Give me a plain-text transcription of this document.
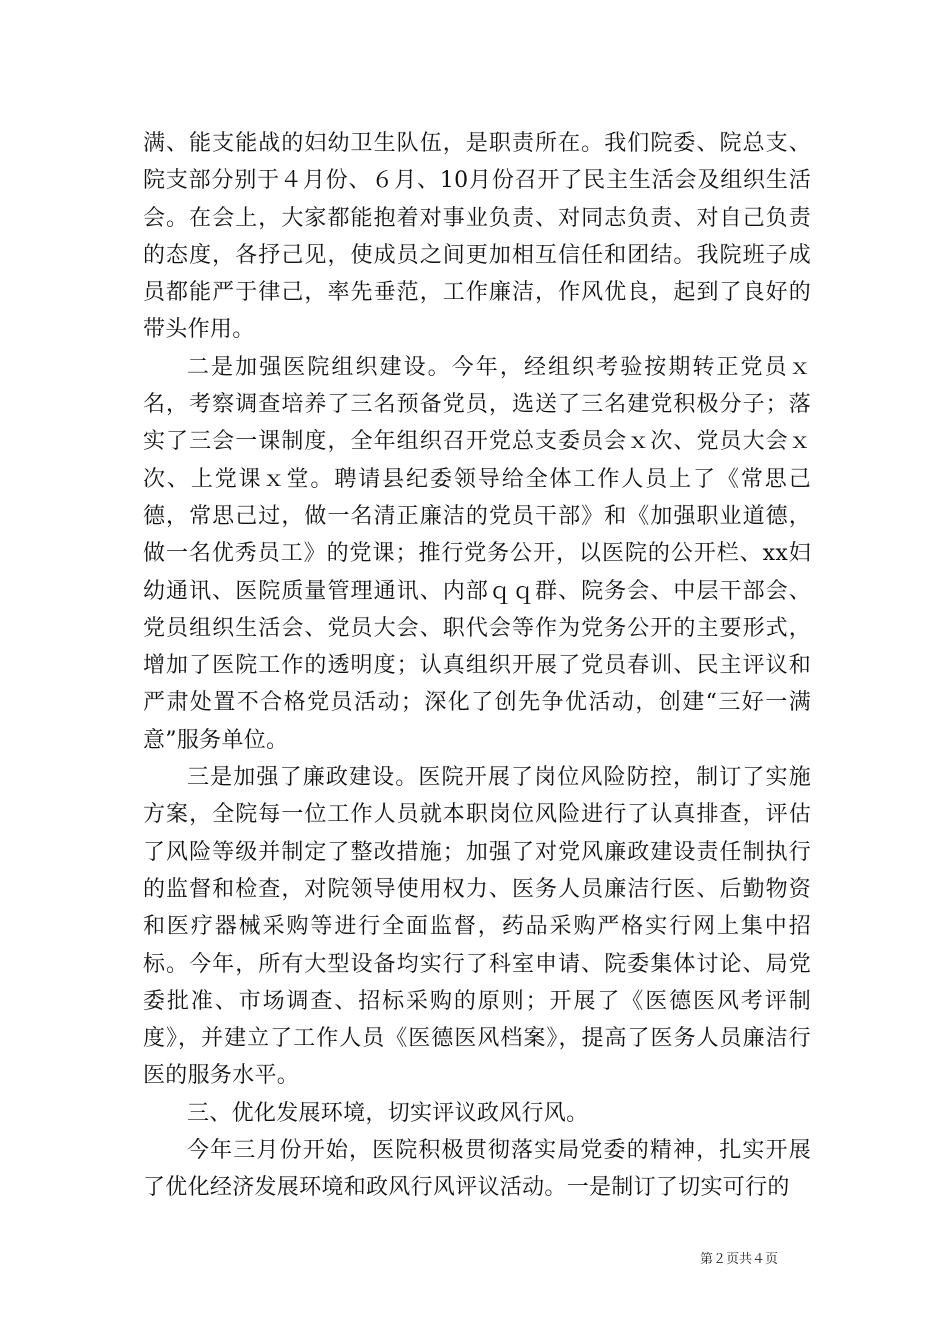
满、能支能战的妇幼卫生队伍，是职责所在。我们院委、院总支、院支部分别于４月份、６月、10月份召开了民主生活会及组织生活会。在会上，大家都能抱着对事业负责、对同志负责、对自己负责的态度，各抒己见，使成员之间更加相互信任和团结。我院班子成员都能严于律己，率先垂范，工作廉洁，作风优良，起到了良好的带头作用。

二是加强医院组织建设。今年，经组织考验按期转正党员ｘ名，考察调查培养了三名预备党员，选送了三名建党积极分子；落实了三会一课制度，全年组织召开党总支委员会ｘ次、党员大会ｘ次、上党课ｘ堂。聘请县纪委领导给全体工作人员上了《常思己德，常思己过，做一名清正廉洁的党员干部》和《加强职业道德，做一名优秀员工》的党课；推行党务公开，以医院的公开栏、xx妇幼通讯、医院质量管理通讯、内部ｑｑ群、院务会、中层干部会、党员组织生活会、党员大会、职代会等作为党务公开的主要形式，增加了医院工作的透明度；认真组织开展了党员春训、民主评议和严肃处置不合格党员活动；深化了创先争优活动，创建“三好一满意”服务单位。

三是加强了廉政建设。医院开展了岗位风险防控，制订了实施方案，全院每一位工作人员就本职岗位风险进行了认真排查，评估了风险等级并制定了整改措施；加强了对党风廉政建设责任制执行的监督和检查，对院领导使用权力、医务人员廉洁行医、后勤物资和医疗器械采购等进行全面监督，药品采购严格实行网上集中招标。今年，所有大型设备均实行了科室申请、院委集体讨论、局党委批准、市场调查、招标采购的原则；开展了《医德医风考评制度》，并建立了工作人员《医德医风档案》，提高了医务人员廉洁行医的服务水平。

三、优化发展环境，切实评议政风行风。

今年三月份开始，医院积极贯彻落实局党委的精神，扎实开展了优化经济发展环境和政风行风评议活动。一是制订了切实可行的

第２页共４页
